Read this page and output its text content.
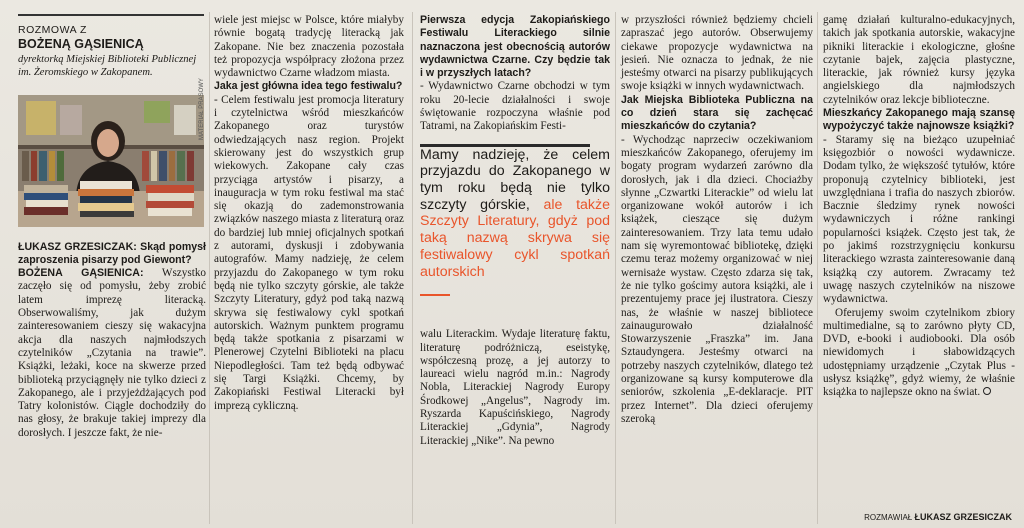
ROZMOWA Z
BOŻENĄ GĄSIENICĄ
dyrektorką Miejskiej Biblioteki Publicznej im. Żeromskiego w Zakopanem.

ŁUKASZ GRZESICZAK: Skąd pomysł zaproszenia pisarzy pod Giewont?

BOŻENA GĄSIENICA: Wszystko zaczęło się od pomysłu, żeby zrobić latem imprezę literacką. Obserwowaliśmy, jak dużym zainteresowaniem cieszy się wakacyjna akcja dla naszych najmłodszych czytelników „Czytania na trawie”. Książki, leżaki, koce na skwerze przed biblioteką przyciągnęły nie tylko dzieci z Zakopanego, ale i przyjeżdżających pod Tatry kolonistów. Ciągle dochodziły do nas głosy, że brakuje takiej imprezy dla dorosłych. I jeszcze fakt, że nie-

MATERIAŁ PRASOWY

wiele jest miejsc w Polsce, które miałyby równie bogatą tradycję literacką jak Zakopane. Nie bez znaczenia pozostała też propozycja współpracy złożona przez wydawnictwo Czarne władzom miasta.

Jaka jest główna idea tego festiwalu?

- Celem festiwalu jest promocja literatury i czytelnictwa wśród mieszkańców Zakopanego oraz turystów odwiedzających nasz region. Projekt skierowany jest do wszystkich grup wiekowych. Zakopane cały czas przyciąga artystów i pisarzy, a inauguracja w tym roku festiwal ma stać się okazją do zademonstrowania związków naszego miasta z literaturą oraz do bardziej lub mniej oficjalnych spotkań z autorami, dyskusji i zdobywania autografów. Mamy nadzieję, że celem przyjazdu do Zakopanego w tym roku będą nie tylko szczyty górskie, ale także Szczyty Literatury, gdyż pod taką nazwą skrywa się festiwalowy cykl spotkań autorskich. Ważnym punktem programu będą także spotkania z pisarzami w Plenerowej Czytelni Biblioteki na placu Niepodległości. Tam też będą odbywać się Targi Książki. Chcemy, by Zakopiański Festiwal Literacki był imprezą cykliczną.

Pierwsza edycja Zakopiańskiego Festiwalu Literackiego silnie naznaczona jest obecnością autorów wydawnictwa Czarne. Czy będzie tak i w przyszłych latach?

- Wydawnictwo Czarne obchodzi w tym roku 20-lecie działalności i swoje świętowanie rozpoczyna właśnie pod Tatrami, na Zakopiańskim Festi-

Mamy nadzieję, że celem przyjazdu do Zakopanego w tym roku będą nie tylko szczyty górskie, ale także Szczyty Literatury, gdyż pod taką nazwą skrywa się festiwalowy cykl spotkań autorskich

walu Literackim. Wydaje literaturę faktu, literaturę podróżniczą, eseistykę, współczesną prozę, a jej autorzy to laureaci wielu nagród m.in.: Nagrody Nobla, Literackiej Nagrody Europy Środkowej „Angelus”, Nagrody im. Ryszarda Kapuścińskiego, Nagrody Literackiej „Gdynia”, Nagrody Literackiej „Nike”. Na pewno

w przyszłości również będziemy chcieli zapraszać jego autorów. Obserwujemy ciekawe propozycje wydawnictwa na jesień. Nie oznacza to jednak, że nie jesteśmy otwarci na pisarzy publikujących swoje książki w innych wydawnictwach.

Jak Miejska Biblioteka Publiczna na co dzień stara się zachęcać mieszkańców do czytania?

- Wychodząc naprzeciw oczekiwaniom mieszkańców Zakopanego, oferujemy im bogaty program wydarzeń zarówno dla dorosłych, jak i dla dzieci. Chociażby słynne „Czwartki Literackie” od wielu lat organizowane wokół autorów i ich książek, cieszące się dużym zainteresowaniem. Trzy lata temu udało nam się wyremontować bibliotekę, dzięki czemu teraz możemy organizować w niej wernisaże wystaw. Często zdarza się tak, że nie tylko gościmy autora książki, ale i prezentujemy prace jej ilustratora. Cieszy nas, że właśnie w naszej bibliotece zainaugurowało działalność Stowarzyszenie „Fraszka” im. Jana Sztaudyngera. Jesteśmy otwarci na potrzeby naszych czytelników, dlatego też organizowane są kursy komputerowe dla seniorów, szkolenia „E-deklaracje. PIT przez Internet”. Dla dzieci oferujemy szeroką

gamę działań kulturalno-edukacyjnych, takich jak spotkania autorskie, wakacyjne pikniki literackie i ekologiczne, głośne czytanie bajek, zajęcia plastyczne, literackie, jak również kursy języka angielskiego dla najmłodszych czytelników oraz lekcje biblioteczne.

Mieszkańcy Zakopanego mają szansę wypożyczyć także najnowsze książki?

- Staramy się na bieżąco uzupełniać księgozbiór o nowości wydawnicze. Dodam tylko, że większość tytułów, które proponują czytelnicy biblioteki, jest uwzględniana i trafia do naszych zbiorów. Bacznie śledzimy rynek nowości wydawniczych i różne rankingi popularności książek. Często jest tak, że po jakimś rozstrzygnięciu konkursu literackiego wzrasta zainteresowanie daną książką czy autorem. Zwracamy też uwagę naszych czytelników na niszowe wydawnictwa.

Oferujemy swoim czytelnikom zbiory multimedialne, są to zarówno płyty CD, DVD, e-booki i audiobooki. Dla osób niewidomych i słabowidzących udostępniamy urządzenie „Czytak Plus - usłysz książkę”, gdyż wiemy, że właśnie książka to najlepsze okno na świat.

ROZMAWIAŁ ŁUKASZ GRZESICZAK
